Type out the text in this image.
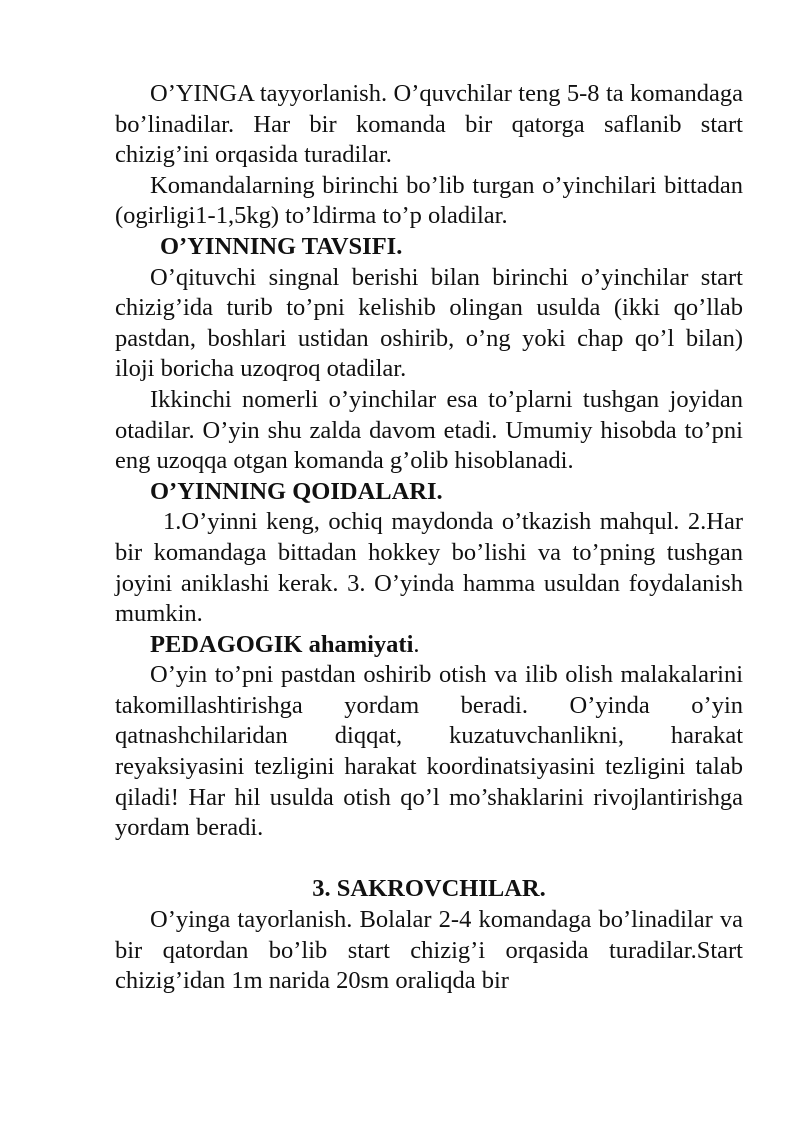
O’YINGA tayyorlanish. O’quvchilar teng 5-8 ta komandaga bo’linadilar. Har bir komanda bir qatorga saflanib start chizig’ini orqasida turadilar.

Komandalarning birinchi bo’lib turgan o’yinchilari bittadan (ogirligi1-1,5kg) to’ldirma to’p oladilar.

O’YINNING TAVSIFI.

O’qituvchi singnal berishi bilan birinchi o’yinchilar start chizig’ida turib to’pni kelishib olingan usulda (ikki qo’llab pastdan, boshlari ustidan oshirib, o’ng yoki chap qo’l bilan) iloji boricha uzoqroq otadilar.

Ikkinchi nomerli o’yinchilar esa to’plarni tushgan joyidan otadilar. O’yin shu zalda davom etadi. Umumiy hisobda to’pni eng uzoqqa otgan komanda g’olib hisoblanadi.

O’YINNING QOIDALARI.

1.O’yinni keng, ochiq maydonda o’tkazish mahqul. 2.Har bir komandaga bittadan hokkey bo’lishi va to’pning tushgan joyini aniklashi kerak. 3. O’yinda hamma usuldan foydalanish mumkin.

PEDAGOGIK ahamiyati.

O’yin to’pni pastdan oshirib otish va ilib olish malakalarini takomillashtirishga yordam beradi. O’yinda o’yin qatnashchilaridan diqqat, kuzatuvchanlikni, harakat reyaksiyasini tezligini harakat koordinatsiyasini tezligini talab qiladi! Har hil usulda otish qo’l mo’shaklarini rivojlantirishga yordam beradi.

3. SAKROVCHILAR.

O’yinga tayorlanish. Bolalar 2-4 komandaga bo’linadilar va bir qatordan bo’lib start chizig’i orqasida turadilar.Start chizig’idan 1m narida 20sm oraliqda bir
